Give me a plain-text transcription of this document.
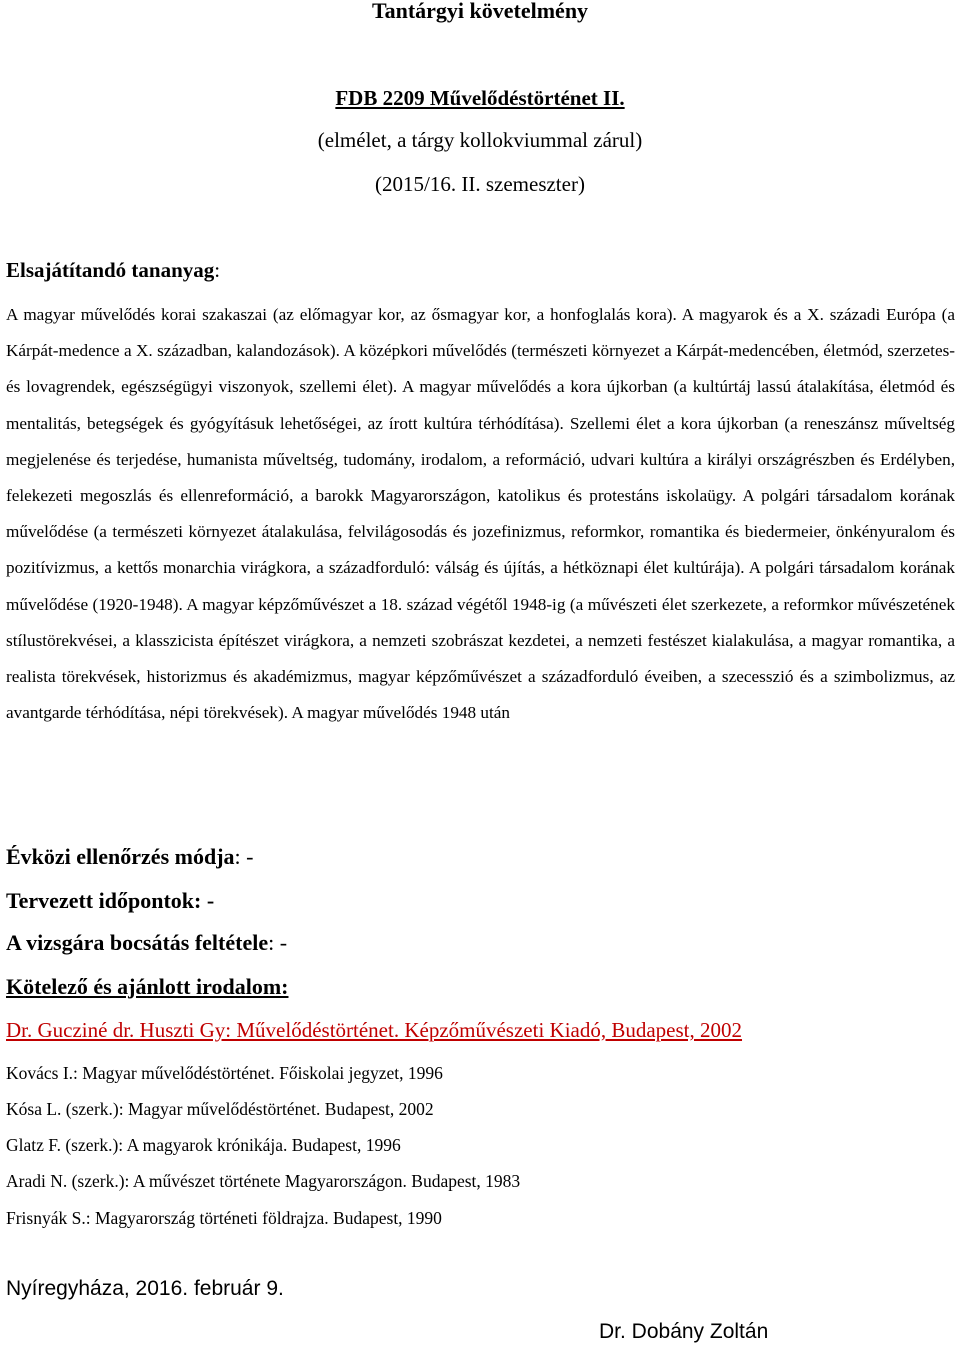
Tantárgyi követelmény
FDB 2209 Művelődéstörténet II.
(elmélet, a tárgy kollokviummal zárul)
(2015/16. II. szemeszter)
Elsajátítandó tananyag:

A magyar művelődés korai szakaszai (az előmagyar kor, az ősmagyar kor, a honfoglalás kora). A magyarok és a X. századi Európa (a Kárpát-medence a X. században, kalandozások). A középkori művelődés (természeti környezet a Kárpát-medencében, életmód, szerzetes- és lovagrendek, egészségügyi viszonyok, szellemi élet). A magyar művelődés a kora újkorban (a kultúrtáj lassú átalakítása, életmód és mentalitás, betegségek és gyógyításuk lehetőségei, az írott kultúra térhódítása). Szellemi élet a kora újkorban (a reneszánsz műveltség megjelenése és terjedése, humanista műveltség, tudomány, irodalom, a reformáció, udvari kultúra a királyi országrészben és Erdélyben, felekezeti megoszlás és ellenreformáció, a barokk Magyarországon, katolikus és protestáns iskolaügy. A polgári társadalom korának művelődése (a természeti környezet átalakulása, felvilágosodás és jozefinizmus, reformkor, romantika és biedermeier, önkényuralom és pozitívizmus, a kettős monarchia virágkora, a századforduló: válság és újítás, a hétköznapi élet kultúrája). A polgári társadalom korának művelődése (1920-1948). A magyar képzőművészet a 18. század végétől 1948-ig (a művészeti élet szerkezete, a reformkor művészetének stílustörekvései, a klasszicista építészet virágkora, a nemzeti szobrászat kezdetei, a nemzeti festészet kialakulása, a magyar romantika, a realista törekvések, historizmus és akadémizmus, magyar képzőművészet a századforduló éveiben, a szecesszió és a szimbolizmus, az avantgarde térhódítása, népi törekvések). A magyar művelődés 1948 után

Évközi ellenőrzés módja: -
Tervezett időpontok: -
A vizsgára bocsátás feltétele: -
Kötelező és ajánlott irodalom:
Dr. Gucziné dr. Huszti Gy: Művelődéstörténet. Képzőművészeti Kiadó, Budapest, 2002
Kovács I.: Magyar művelődéstörténet. Főiskolai jegyzet, 1996
Kósa L. (szerk.): Magyar művelődéstörténet. Budapest, 2002
Glatz F. (szerk.): A magyarok krónikája. Budapest, 1996
Aradi N. (szerk.): A művészet története Magyarországon. Budapest, 1983
Frisnyák S.: Magyarország történeti földrajza. Budapest, 1990
Nyíregyháza, 2016. február 9.
Dr. Dobány Zoltán
